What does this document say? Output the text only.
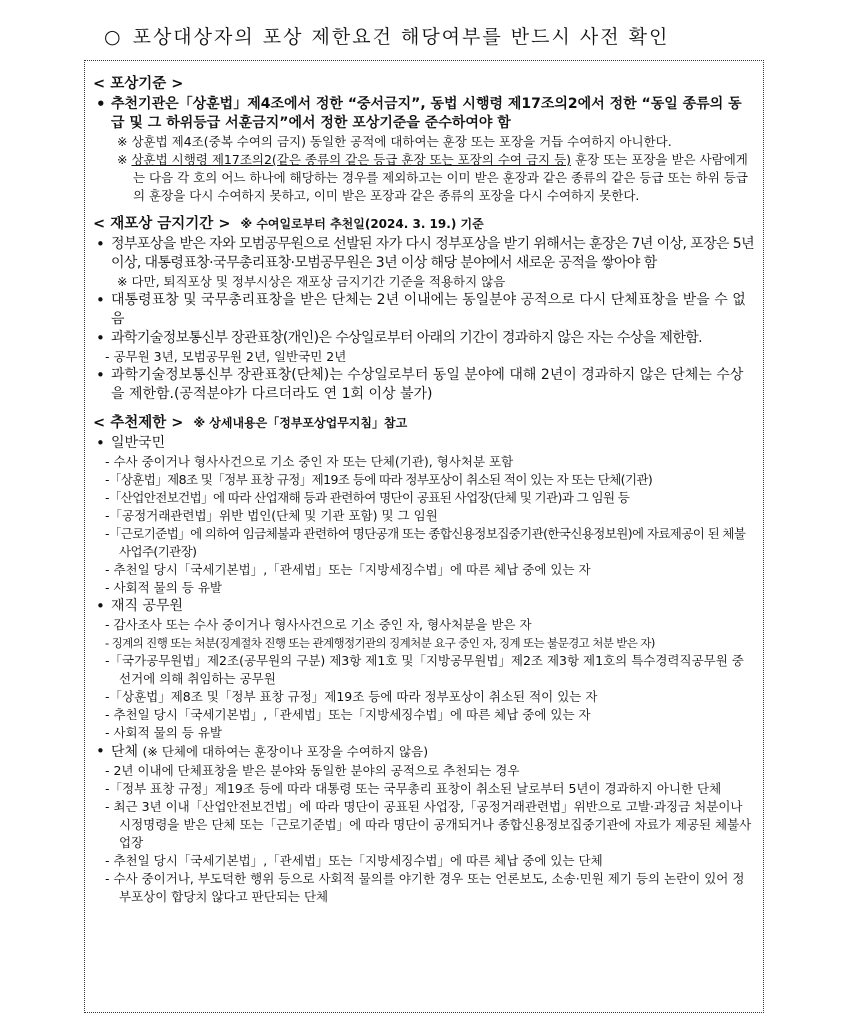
○ 포상대상자의 포상 제한요건 해당여부를 반드시 사전 확인

< 포상기준 >

• 추천기관은「상훈법」제4조에서 정한 “중서금지”, 동법 시행령 제17조의2에서 정한 “동일 종류의 동급 및 그 하위등급 서훈금지”에서 정한 포상기준을 준수하여야 함

※ 상훈법 제4조(중복 수여의 금지) 동일한 공적에 대하여는 훈장 또는 포장을 거듭 수여하지 아니한다.

※ 상훈법 시행령 제17조의2(같은 종류의 같은 등급 훈장 또는 포장의 수여 금지 등) 훈장 또는 포장을 받은 사람에게는 다음 각 호의 어느 하나에 해당하는 경우를 제외하고는 이미 받은 훈장과 같은 종류의 같은 등급 또는 하위 등급의 훈장을 다시 수여하지 못하고, 이미 받은 포장과 같은 종류의 포장을 다시 수여하지 못한다.

< 재포상 금지기간 > ※ 수여일로부터 추천일(2024. 3. 19.) 기준

• 정부포상을 받은 자와 모범공무원으로 선발된 자가 다시 정부포상을 받기 위해서는 훈장은 7년 이상, 포장은 5년 이상, 대통령표창·국무총리표창·모범공무원은 3년 이상 해당 분야에서 새로운 공적을 쌓아야 함

※ 다만, 퇴직포상 및 정부시상은 재포상 금지기간 기준을 적용하지 않음

• 대통령표창 및 국무총리표창을 받은 단체는 2년 이내에는 동일분야 공적으로 다시 단체표창을 받을 수 없음

• 과학기술정보통신부 장관표창(개인)은 수상일로부터 아래의 기간이 경과하지 않은 자는 수상을 제한함.

- 공무원 3년, 모범공무원 2년, 일반국민 2년

• 과학기술정보통신부 장관표창(단체)는 수상일로부터 동일 분야에 대해 2년이 경과하지 않은 단체는 수상을 제한함.(공적분야가 다르더라도 연 1회 이상 불가)

< 추천제한 > ※ 상세내용은「정부포상업무지침」참고

• 일반국민

- 수사 중이거나 형사사건으로 기소 중인 자 또는 단체(기관), 형사처분 포함

-「상훈법」제8조 및「정부 표창 규정」제19조 등에 따라 정부포상이 취소된 적이 있는 자 또는 단체(기관)

-「산업안전보건법」에 따라 산업재해 등과 관련하여 명단이 공표된 사업장(단체 및 기관)과 그 임원 등

-「공정거래관련법」위반 법인(단체 및 기관 포함) 및 그 임원

-「근로기준법」에 의하여 임금체불과 관련하여 명단공개 또는 종합신용정보집중기관(한국신용정보원)에 자료제공이 된 체불사업주(기관장)

- 추천일 당시「국세기본법」,「관세법」또는「지방세징수법」에 따른 체납 중에 있는 자

- 사회적 물의 등 유발

• 재직 공무원

- 감사조사 또는 수사 중이거나 형사사건으로 기소 중인 자, 형사처분을 받은 자

- 징계의 진행 또는 처분(징계절차 진행 또는 관계행정기관의 징계처분 요구 중인 자, 징계 또는 불문경고 처분 받은 자)

-「국가공무원법」제2조(공무원의 구분) 제3항 제1호 및「지방공무원법」제2조 제3항 제1호의 특수경력직공무원 중 선거에 의해 취임하는 공무원

-「상훈법」제8조 및「정부 표창 규정」제19조 등에 따라 정부포상이 취소된 적이 있는 자

- 추천일 당시「국세기본법」,「관세법」또는「지방세징수법」에 따른 체납 중에 있는 자

- 사회적 물의 등 유발

• 단체 (※ 단체에 대하여는 훈장이나 포장을 수여하지 않음)

- 2년 이내에 단체표창을 받은 분야와 동일한 분야의 공적으로 추천되는 경우

-「정부 표창 규정」제19조 등에 따라 대통령 또는 국무총리 표창이 취소된 날로부터 5년이 경과하지 아니한 단체

- 최근 3년 이내「산업안전보건법」에 따라 명단이 공표된 사업장,「공정거래관련법」위반으로 고발·과징금 처분이나 시정명령을 받은 단체 또는「근로기준법」에 따라 명단이 공개되거나 종합신용정보집중기관에 자료가 제공된 체불사업장

- 추천일 당시「국세기본법」,「관세법」또는「지방세징수법」에 따른 체납 중에 있는 단체

- 수사 중이거나, 부도덕한 행위 등으로 사회적 물의를 야기한 경우 또는 언론보도, 소송·민원 제기 등의 논란이 있어 정부포상이 합당치 않다고 판단되는 단체
